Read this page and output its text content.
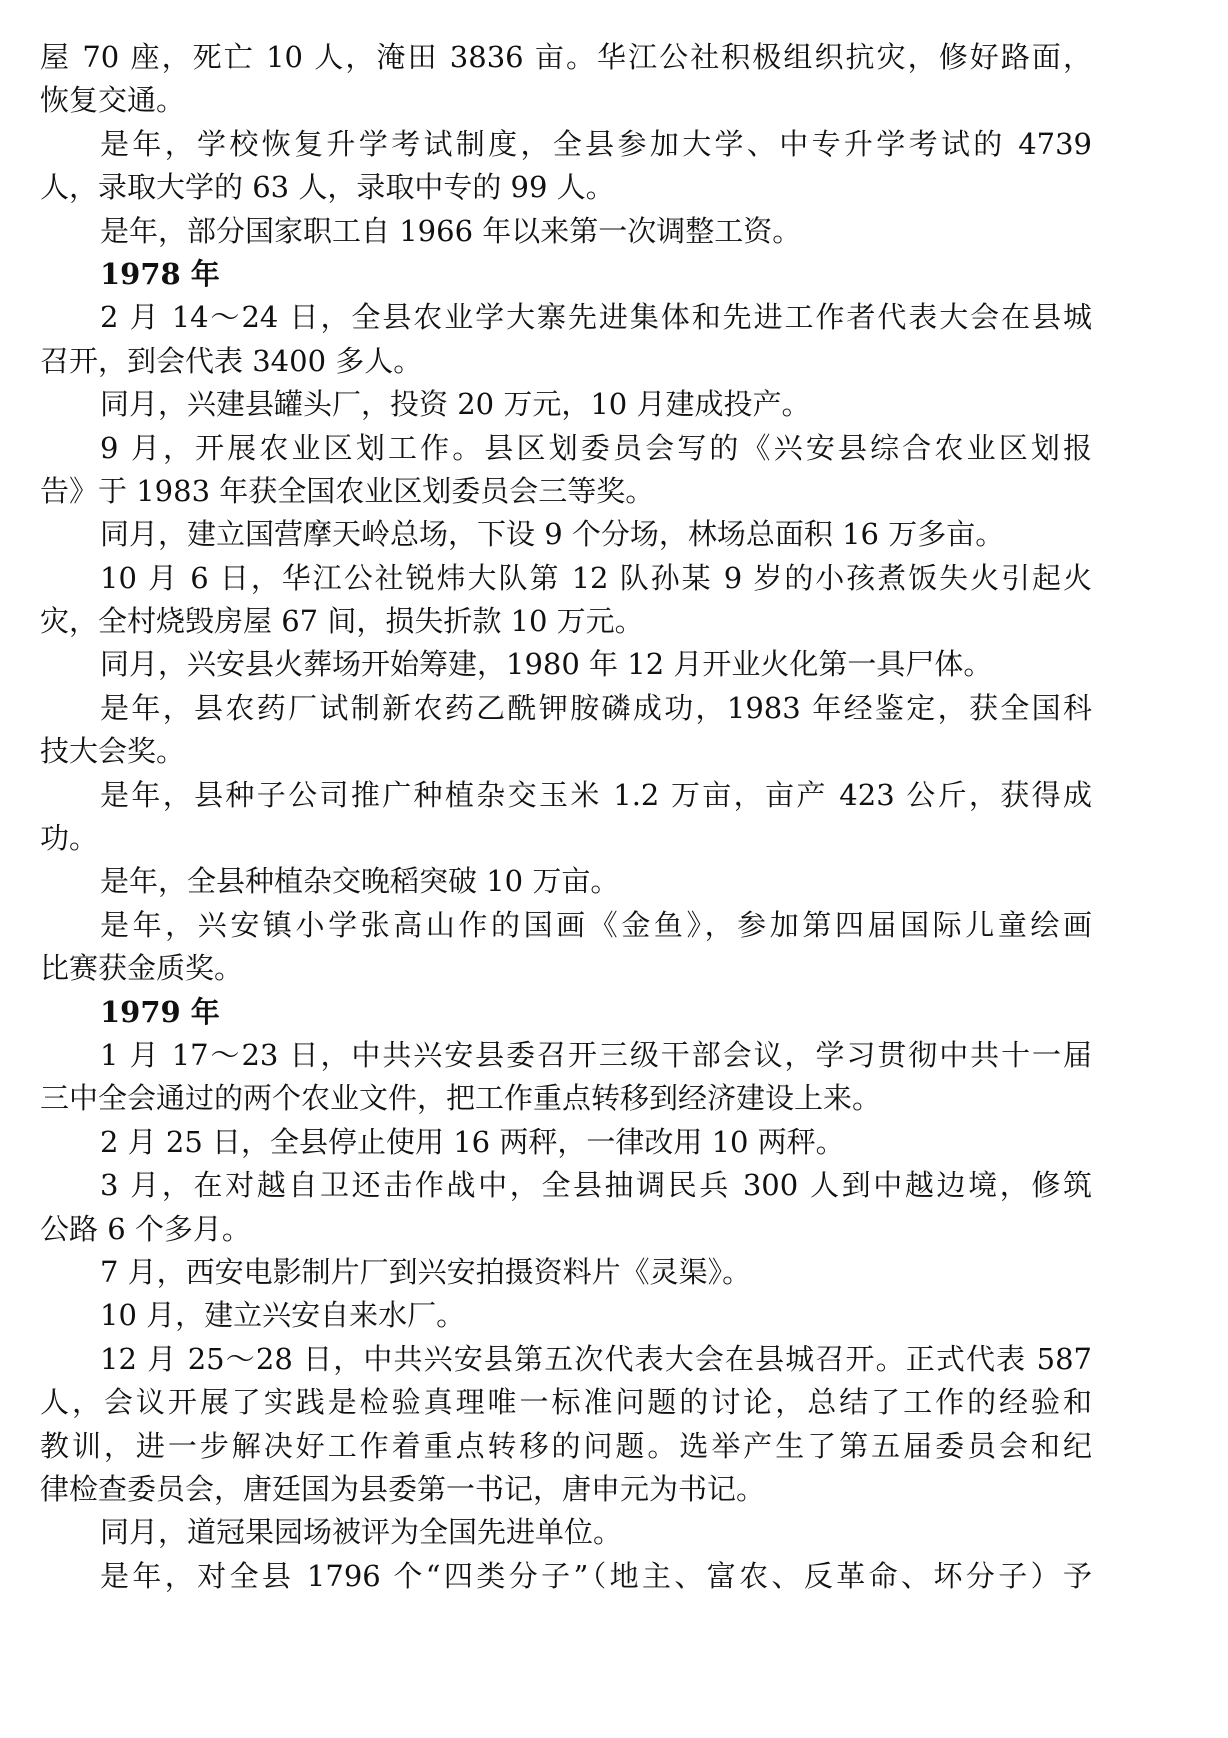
屋 70 座，死亡 10 人，淹田 3836 亩。华江公社积极组织抗灾，修好路面，
恢复交通。
是年，学校恢复升学考试制度，全县参加大学、中专升学考试的 4739
人，录取大学的 63 人，录取中专的 99 人。
是年，部分国家职工自 1966 年以来第一次调整工资。
1978 年
2 月 14～24 日，全县农业学大寨先进集体和先进工作者代表大会在县城
召开，到会代表 3400 多人。
同月，兴建县罐头厂，投资 20 万元，10 月建成投产。
9 月，开展农业区划工作。县区划委员会写的《兴安县综合农业区划报
告》于 1983 年获全国农业区划委员会三等奖。
同月，建立国营摩天岭总场，下设 9 个分场，林场总面积 16 万多亩。
10 月 6 日，华江公社锐炜大队第 12 队孙某 9 岁的小孩煮饭失火引起火
灾，全村烧毁房屋 67 间，损失折款 10 万元。
同月，兴安县火葬场开始筹建，1980 年 12 月开业火化第一具尸体。
是年，县农药厂试制新农药乙酰钾胺磷成功，1983 年经鉴定，获全国科
技大会奖。
是年，县种子公司推广种植杂交玉米 1.2 万亩，亩产 423 公斤，获得成
功。
是年，全县种植杂交晚稻突破 10 万亩。
是年，兴安镇小学张高山作的国画《金鱼》，参加第四届国际儿童绘画
比赛获金质奖。
1979 年
1 月 17～23 日，中共兴安县委召开三级干部会议，学习贯彻中共十一届
三中全会通过的两个农业文件，把工作重点转移到经济建设上来。
2 月 25 日，全县停止使用 16 两秤，一律改用 10 两秤。
3 月，在对越自卫还击作战中，全县抽调民兵 300 人到中越边境，修筑
公路 6 个多月。
7 月，西安电影制片厂到兴安拍摄资料片《灵渠》。
10 月，建立兴安自来水厂。
12 月 25～28 日，中共兴安县第五次代表大会在县城召开。正式代表 587
人，会议开展了实践是检验真理唯一标准问题的讨论，总结了工作的经验和
教训，进一步解决好工作着重点转移的问题。选举产生了第五届委员会和纪
律检查委员会，唐廷国为县委第一书记，唐申元为书记。
同月，道冠果园场被评为全国先进单位。
是年，对全县 1796 个“四类分子”（地主、富农、反革命、坏分子）予
